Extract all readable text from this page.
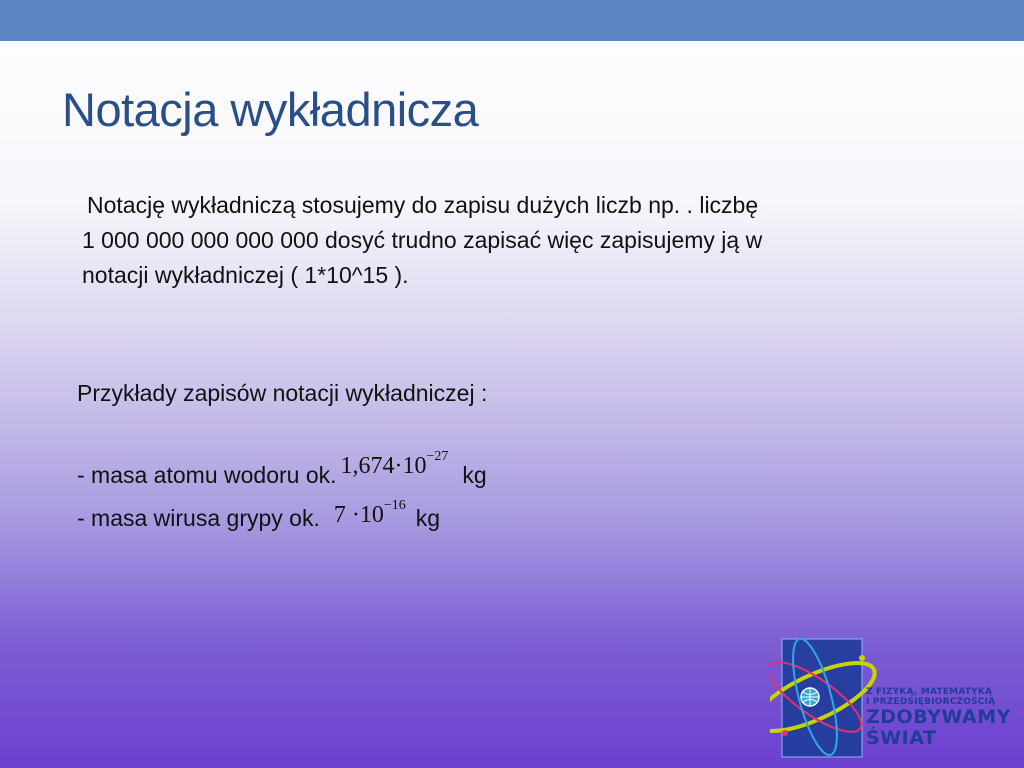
Notacja wykładnicza
Notację wykładniczą stosujemy do zapisu dużych liczb np. . liczbę
1 000 000 000 000 000 dosyć trudno zapisać więc zapisujemy ją w
notacji wykładniczej ( 1*10^15 ).
Przykłady zapisów notacji wykładniczej :
- masa atomu wodoru ok. $1,674\cdot 10^{-27}kg$
- masa wirusa grypy ok. $7 \cdot 10^{-16}$ kg
Z FIZYKĄ, MATEMATYKĄ
I PRZEDSIĘBIORCZOŚCIĄ
ZDOBYWAMY
ŚWIAT
